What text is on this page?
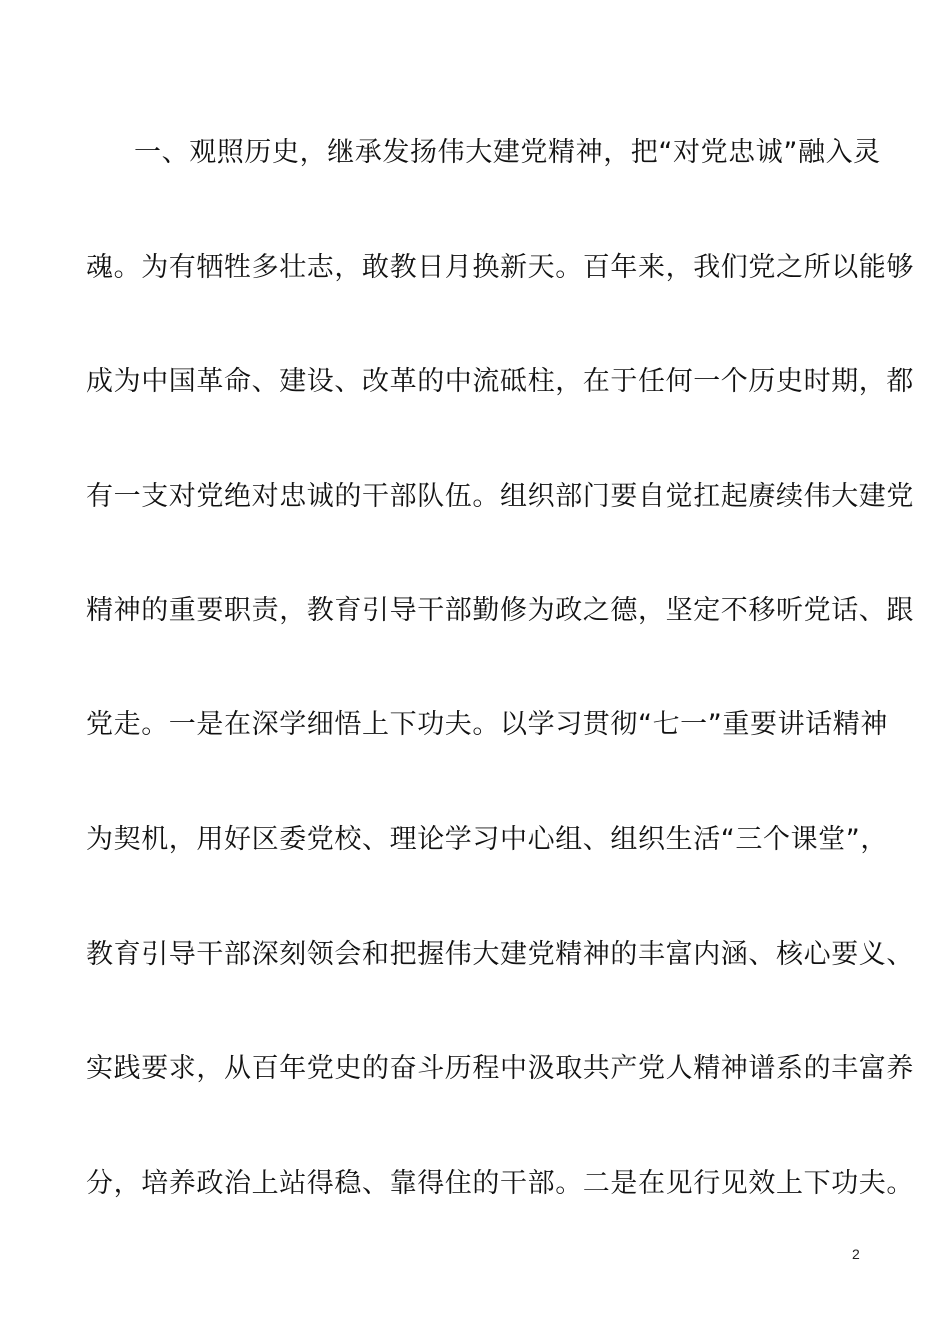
一、观照历史，继承发扬伟大建党精神，把“对党忠诚”融入灵
魂。为有牺牲多壮志，敢教日月换新天。百年来，我们党之所以能够
成为中国革命、建设、改革的中流砥柱，在于任何一个历史时期，都
有一支对党绝对忠诚的干部队伍。组织部门要自觉扛起赓续伟大建党
精神的重要职责，教育引导干部勤修为政之德，坚定不移听党话、跟
党走。一是在深学细悟上下功夫。以学习贯彻“七一”重要讲话精神
为契机，用好区委党校、理论学习中心组、组织生活“三个课堂”，
教育引导干部深刻领会和把握伟大建党精神的丰富内涵、核心要义、
实践要求，从百年党史的奋斗历程中汲取共产党人精神谱系的丰富养
分，培养政治上站得稳、靠得住的干部。二是在见行见效上下功夫。
2
